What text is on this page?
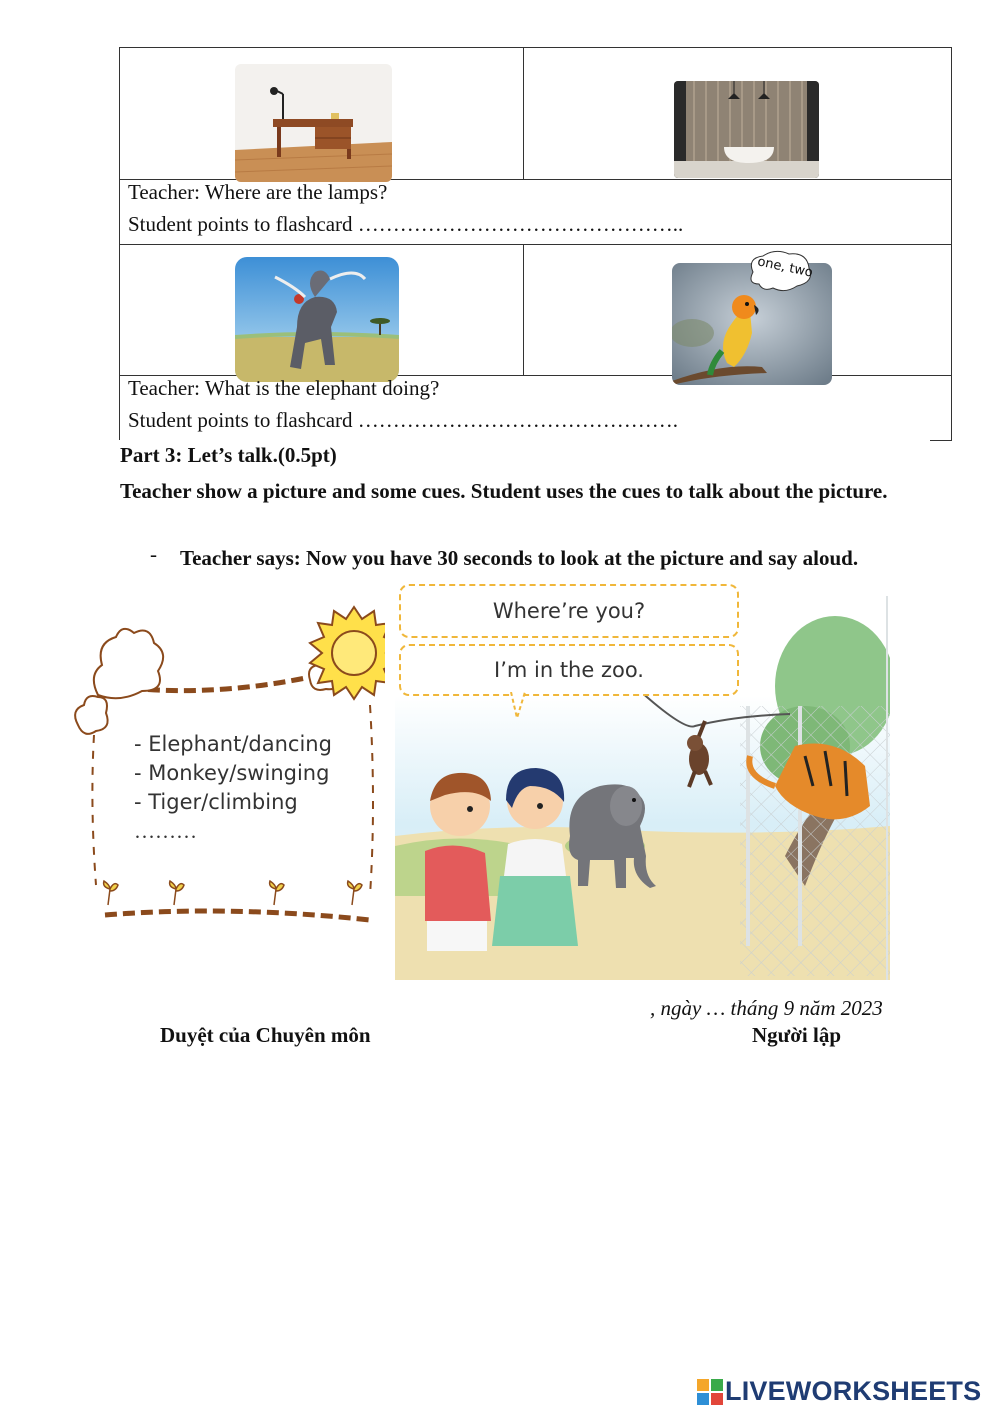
Teacher: Where are the lamps?
Student points to flashcard ………………………………………..
one, two
Teacher: What is the elephant doing?
Student points to flashcard ……………………………………….
Part 3: Let’s talk.(0.5pt)
Teacher show a picture and some cues. Student uses the cues to talk about the picture.
- Teacher says: Now you have 30 seconds to look at the picture and say aloud.
- Elephant/dancing
- Monkey/swinging
- Tiger/climbing
………
Where’re you?
I’m in the zoo.
, ngày … tháng 9 năm 2023
Duyệt của Chuyên môn	Người lập
LIVEWORKSHEETS
